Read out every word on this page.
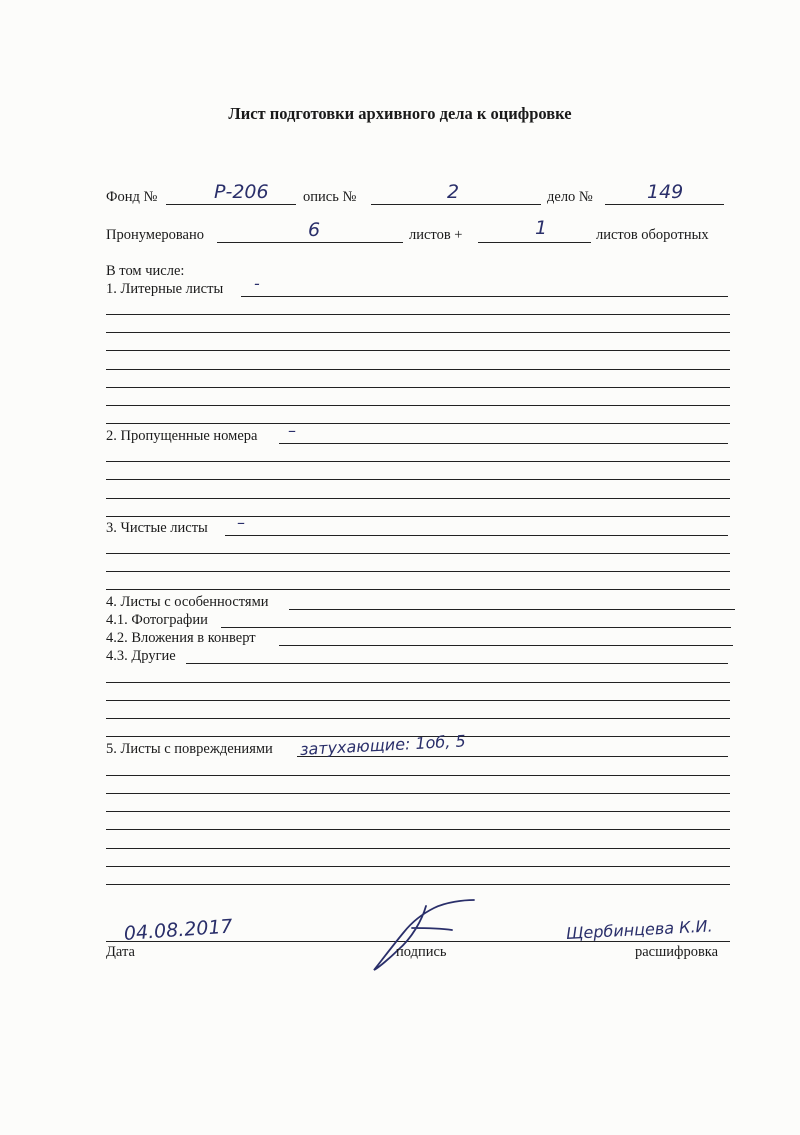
Лист подготовки архивного дела к оцифровке
Фонд №	Р-206 опись №	2	дело №	149
Пронумеровано	6	листов +	1	листов оборотных
В том числе:
1. Литерные листы -
2. Пропущенные номера –
3. Чистые листы –
4. Листы с особенностями
4.1. Фотографии
4.2. Вложения в конверт
4.3. Другие
5. Листы с повреждениями затухающие: 1об, 5
04.08.2017
Дата	подпись
Щербинцева К.И.
расшифровка
